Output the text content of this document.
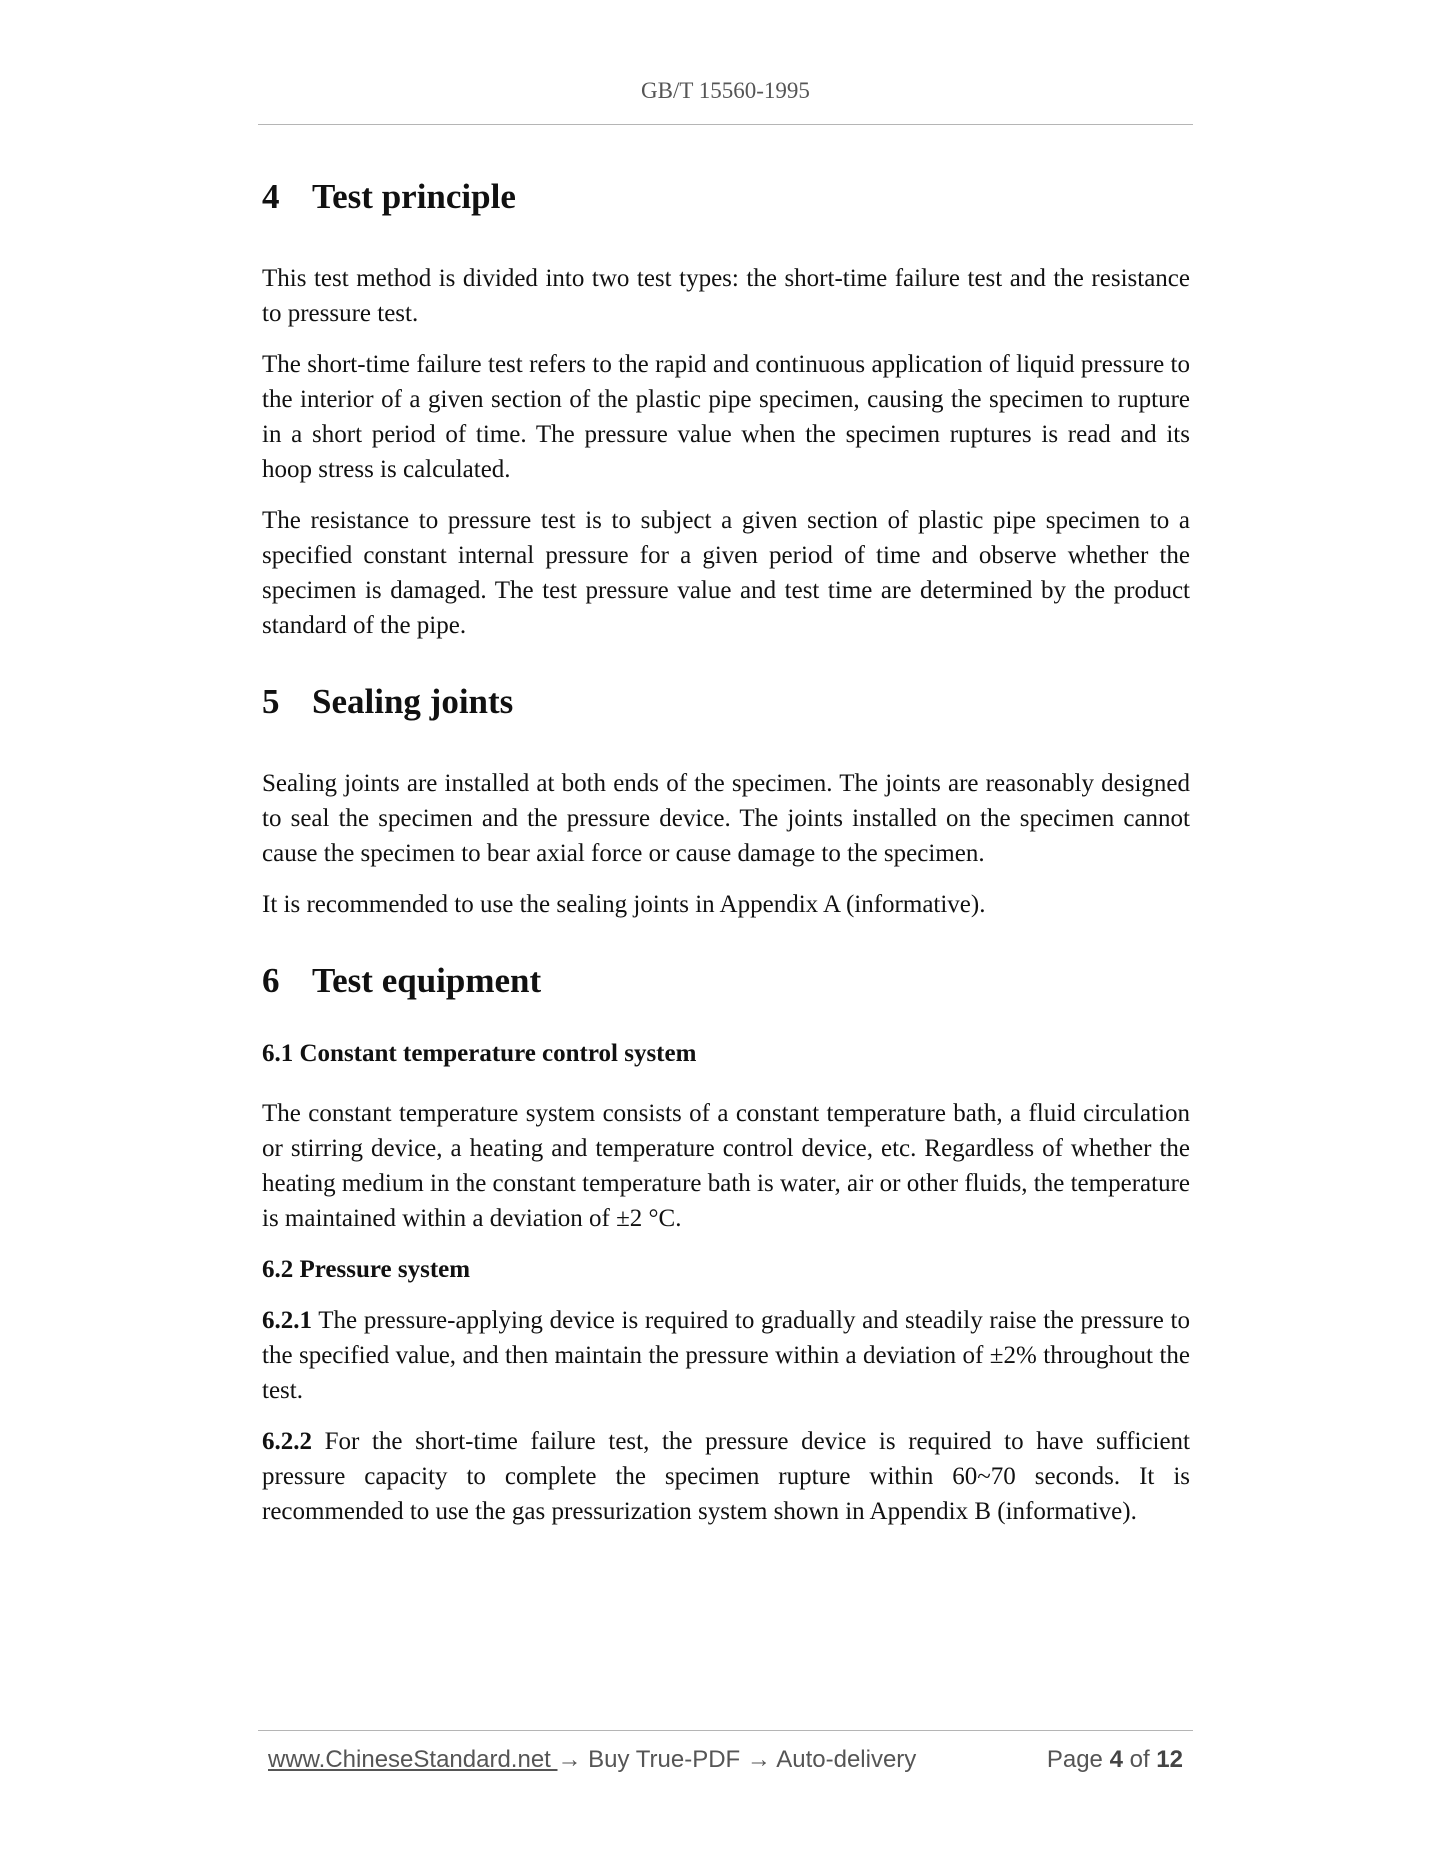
GB/T 15560-1995
4 Test principle

This test method is divided into two test types: the short-time failure test and the resistance to pressure test.

The short-time failure test refers to the rapid and continuous application of liquid pressure to the interior of a given section of the plastic pipe specimen, causing the specimen to rupture in a short period of time. The pressure value when the specimen ruptures is read and its hoop stress is calculated.

The resistance to pressure test is to subject a given section of plastic pipe specimen to a specified constant internal pressure for a given period of time and observe whether the specimen is damaged. The test pressure value and test time are determined by the product standard of the pipe.

5 Sealing joints

Sealing joints are installed at both ends of the specimen. The joints are reasonably designed to seal the specimen and the pressure device. The joints installed on the specimen cannot cause the specimen to bear axial force or cause damage to the specimen.

It is recommended to use the sealing joints in Appendix A (informative).

6 Test equipment
6.1 Constant temperature control system

The constant temperature system consists of a constant temperature bath, a fluid circulation or stirring device, a heating and temperature control device, etc. Regardless of whether the heating medium in the constant temperature bath is water, air or other fluids, the temperature is maintained within a deviation of ±2 °C.

6.2 Pressure system

6.2.1 The pressure-applying device is required to gradually and steadily raise the pressure to the specified value, and then maintain the pressure within a deviation of ±2% throughout the test.

6.2.2 For the short-time failure test, the pressure device is required to have sufficient pressure capacity to complete the specimen rupture within 60~70 seconds. It is recommended to use the gas pressurization system shown in Appendix B (informative).

www.ChineseStandard.net → Buy True-PDF → Auto-delivery	Page 4 of 12
